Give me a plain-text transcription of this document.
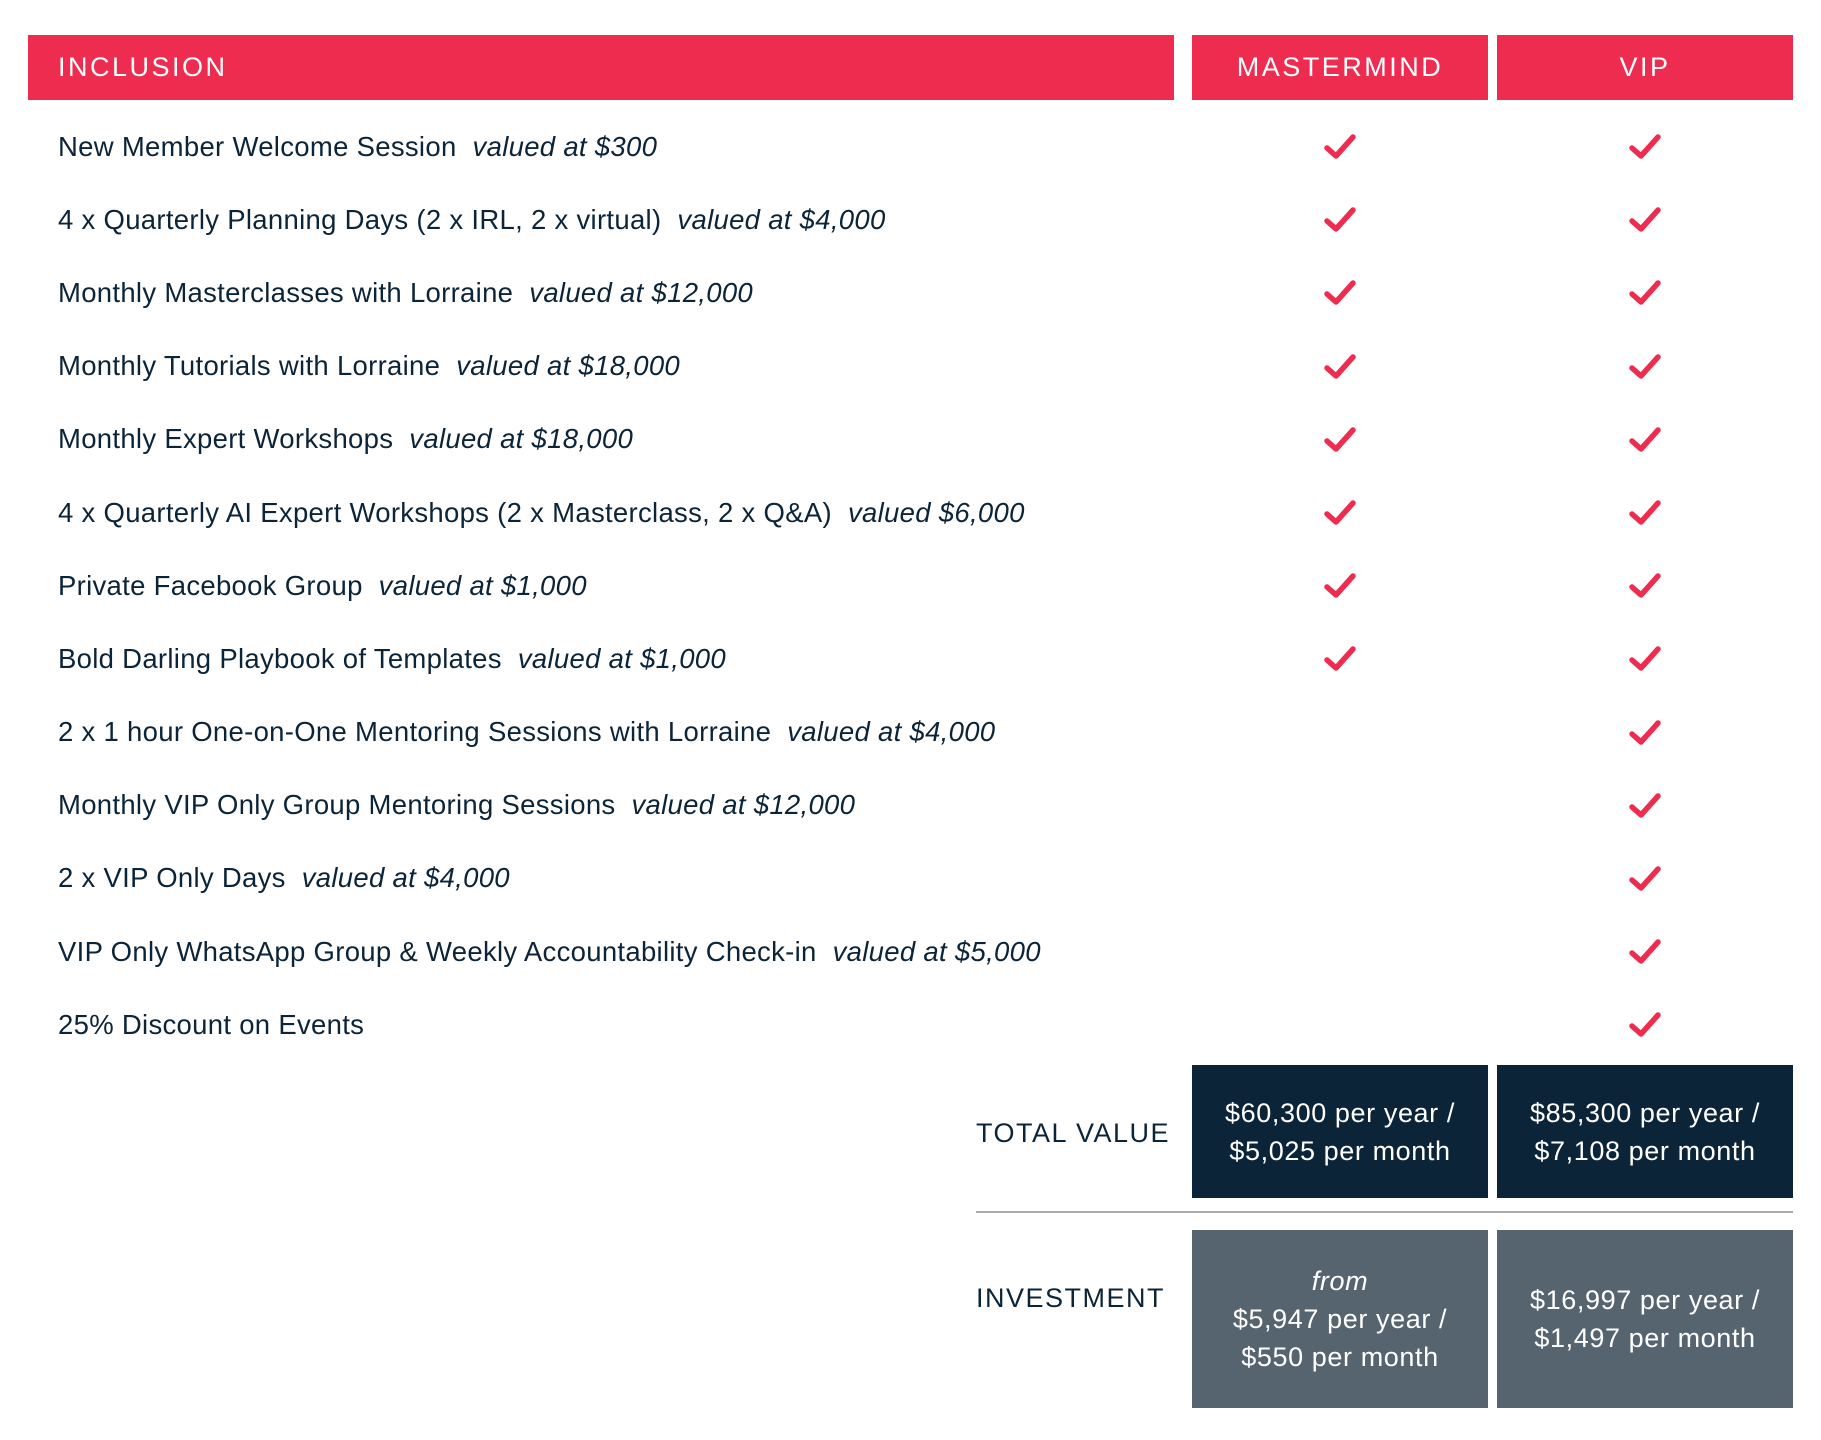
INCLUSION	MASTERMIND	VIP
New Member Welcome Session valued at $300
4 x Quarterly Planning Days (2 x IRL, 2 x virtual) valued at $4,000
Monthly Masterclasses with Lorraine valued at $12,000
Monthly Tutorials with Lorraine valued at $18,000
Monthly Expert Workshops valued at $18,000
4 x Quarterly AI Expert Workshops (2 x Masterclass, 2 x Q&A) valued $6,000
Private Facebook Group valued at $1,000
Bold Darling Playbook of Templates valued at $1,000
2 x 1 hour One-on-One Mentoring Sessions with Lorraine valued at $4,000
Monthly VIP Only Group Mentoring Sessions valued at $12,000
2 x VIP Only Days valued at $4,000
VIP Only WhatsApp Group & Weekly Accountability Check-in valued at $5,000
25% Discount on Events
TOTAL VALUE
$60,300 per year /
$5,025 per month
$85,300 per year /
$7,108 per month
INVESTMENT
from
$5,947 per year /
$550 per month
$16,997 per year /
$1,497 per month
